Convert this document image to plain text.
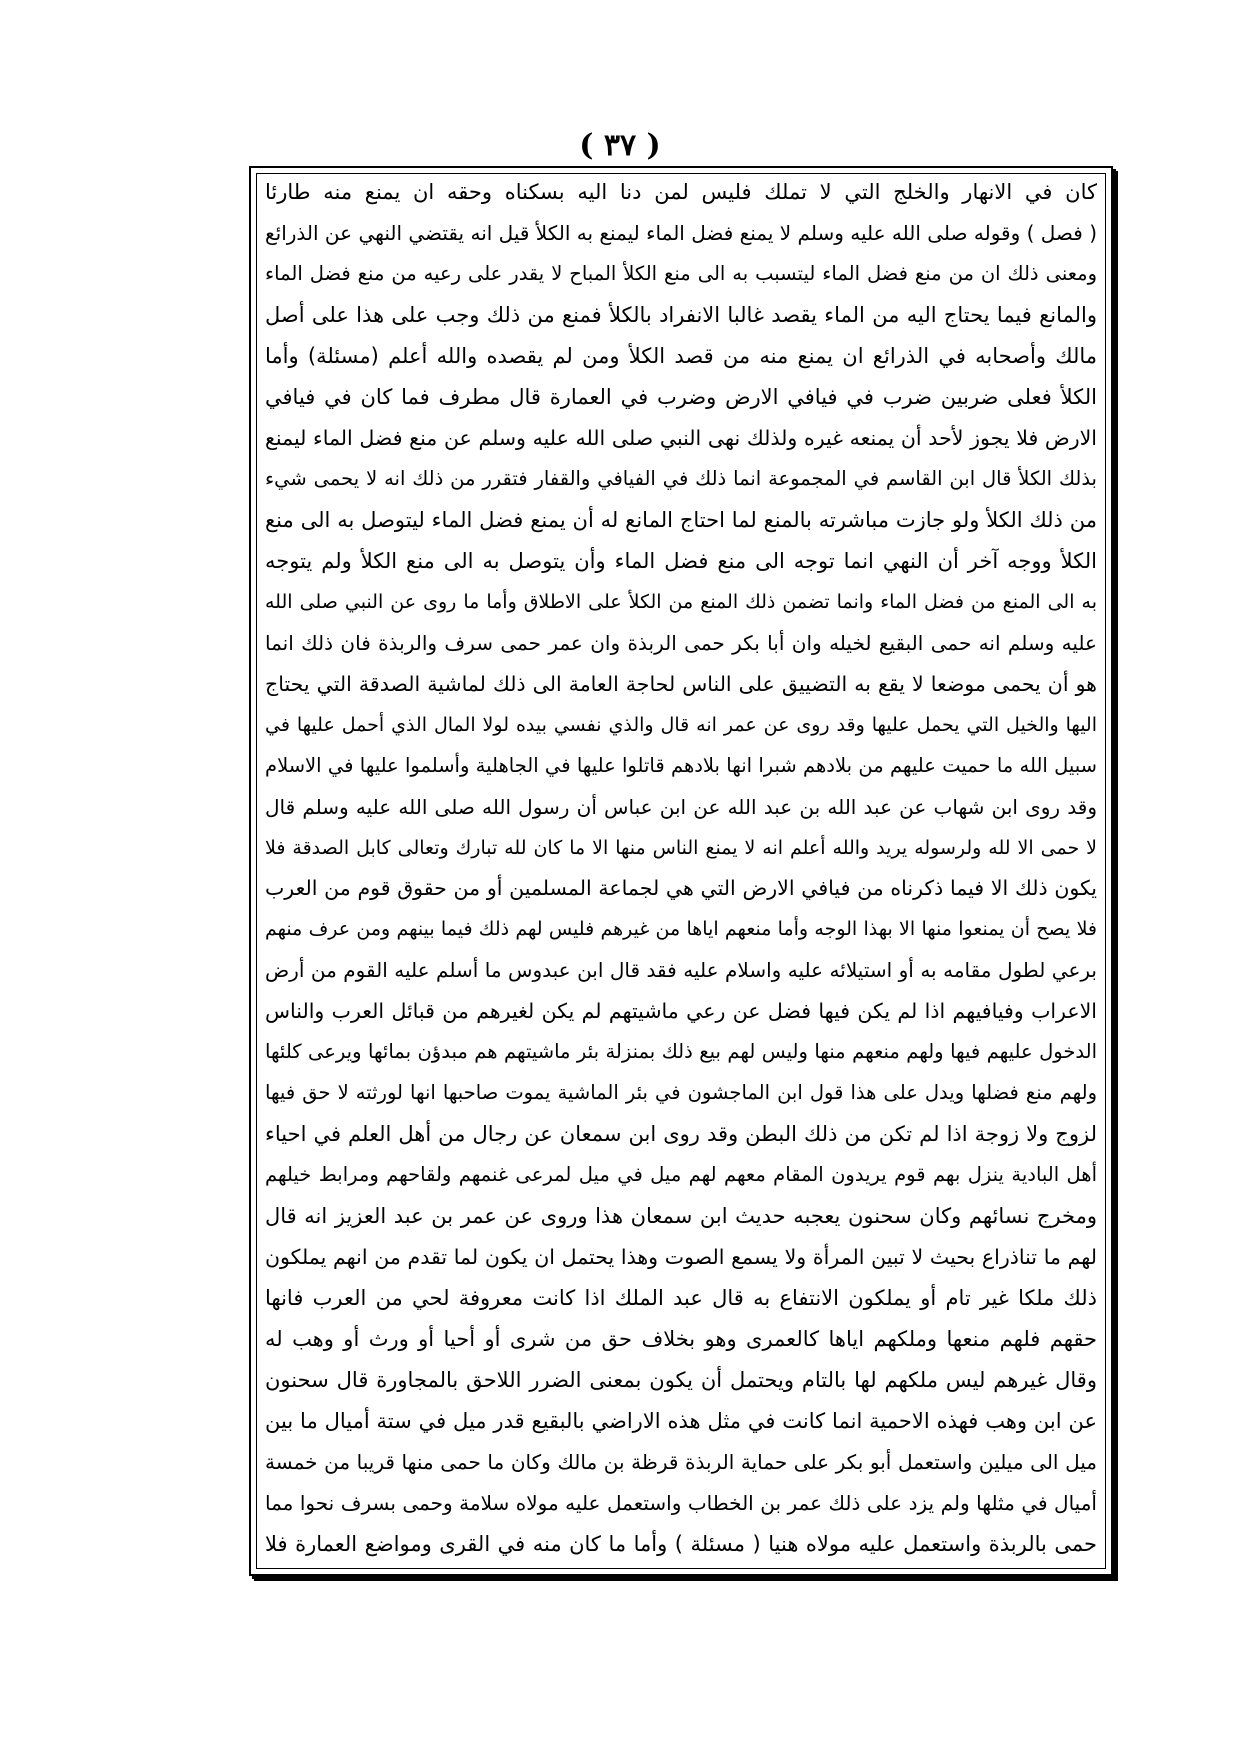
( ٣٧ )
كان في الانهار والخلج التي لا تملك فليس لمن دنا اليه بسكناه وحقه ان يمنع منه طارئا
( فصل ) وقوله صلى الله عليه وسلم لا يمنع فضل الماء ليمنع به الكلأ قيل انه يقتضي النهي عن الذرائع
ومعنى ذلك ان من منع فضل الماء ليتسبب به الى منع الكلأ المباح لا يقدر على رعيه من منع فضل الماء
والمانع فيما يحتاج اليه من الماء يقصد غالبا الانفراد بالكلأ فمنع من ذلك وجب على هذا على أصل
مالك وأصحابه في الذرائع ان يمنع منه من قصد الكلأ ومن لم يقصده والله أعلم (مسئلة) وأما
الكلأ فعلى ضربين ضرب في فيافي الارض وضرب في العمارة قال مطرف فما كان في فيافي
الارض فلا يجوز لأحد أن يمنعه غيره ولذلك نهى النبي صلى الله عليه وسلم عن منع فضل الماء ليمنع
بذلك الكلأ قال ابن القاسم في المجموعة انما ذلك في الفيافي والقفار فتقرر من ذلك انه لا يحمى شيء
من ذلك الكلأ ولو جازت مباشرته بالمنع لما احتاج المانع له أن يمنع فضل الماء ليتوصل به الى منع
الكلأ ووجه آخر أن النهي انما توجه الى منع فضل الماء وأن يتوصل به الى منع الكلأ ولم يتوجه
به الى المنع من فضل الماء وانما تضمن ذلك المنع من الكلأ على الاطلاق وأما ما روى عن النبي صلى الله
عليه وسلم انه حمى البقيع لخيله وان أبا بكر حمى الربذة وان عمر حمى سرف والربذة فان ذلك انما
هو أن يحمى موضعا لا يقع به التضييق على الناس لحاجة العامة الى ذلك لماشية الصدقة التي يحتاج
اليها والخيل التي يحمل عليها وقد روى عن عمر انه قال والذي نفسي بيده لولا المال الذي أحمل عليها في
سبيل الله ما حميت عليهم من بلادهم شبرا انها بلادهم قاتلوا عليها في الجاهلية وأسلموا عليها في الاسلام
وقد روى ابن شهاب عن عبد الله بن عبد الله عن ابن عباس أن رسول الله صلى الله عليه وسلم قال
لا حمى الا لله ولرسوله يريد والله أعلم انه لا يمنع الناس منها الا ما كان لله تبارك وتعالى كابل الصدقة فلا
يكون ذلك الا فيما ذكرناه من فيافي الارض التي هي لجماعة المسلمين أو من حقوق قوم من العرب
فلا يصح أن يمنعوا منها الا بهذا الوجه وأما منعهم اياها من غيرهم فليس لهم ذلك فيما بينهم ومن عرف منهم
برعي لطول مقامه به أو استيلائه عليه واسلام عليه فقد قال ابن عبدوس ما أسلم عليه القوم من أرض
الاعراب وفيافيهم اذا لم يكن فيها فضل عن رعي ماشيتهم لم يكن لغيرهم من قبائل العرب والناس
الدخول عليهم فيها ولهم منعهم منها وليس لهم بيع ذلك بمنزلة بئر ماشيتهم هم مبدؤن بمائها ويرعى كلئها
ولهم منع فضلها ويدل على هذا قول ابن الماجشون في بئر الماشية يموت صاحبها انها لورثته لا حق فيها
لزوج ولا زوجة اذا لم تكن من ذلك البطن وقد روى ابن سمعان عن رجال من أهل العلم في احياء
أهل البادية ينزل بهم قوم يريدون المقام معهم لهم ميل في ميل لمرعى غنمهم ولقاحهم ومرابط خيلهم
ومخرج نسائهم وكان سحنون يعجبه حديث ابن سمعان هذا وروى عن عمر بن عبد العزيز انه قال
لهم ما تناذراع بحيث لا تبين المرأة ولا يسمع الصوت وهذا يحتمل ان يكون لما تقدم من انهم يملكون
ذلك ملكا غير تام أو يملكون الانتفاع به قال عبد الملك اذا كانت معروفة لحي من العرب فانها
حقهم فلهم منعها وملكهم اياها كالعمرى وهو بخلاف حق من شرى أو أحيا أو ورث أو وهب له
وقال غيرهم ليس ملكهم لها بالتام ويحتمل أن يكون بمعنى الضرر اللاحق بالمجاورة قال سحنون
عن ابن وهب فهذه الاحمية انما كانت في مثل هذه الاراضي بالبقيع قدر ميل في ستة أميال ما بين
ميل الى ميلين واستعمل أبو بكر على حماية الربذة قرظة بن مالك وكان ما حمى منها قريبا من خمسة
أميال في مثلها ولم يزد على ذلك عمر بن الخطاب واستعمل عليه مولاه سلامة وحمى بسرف نحوا مما
حمى بالربذة واستعمل عليه مولاه هنيا ( مسئلة ) وأما ما كان منه في القرى ومواضع العمارة فلا
